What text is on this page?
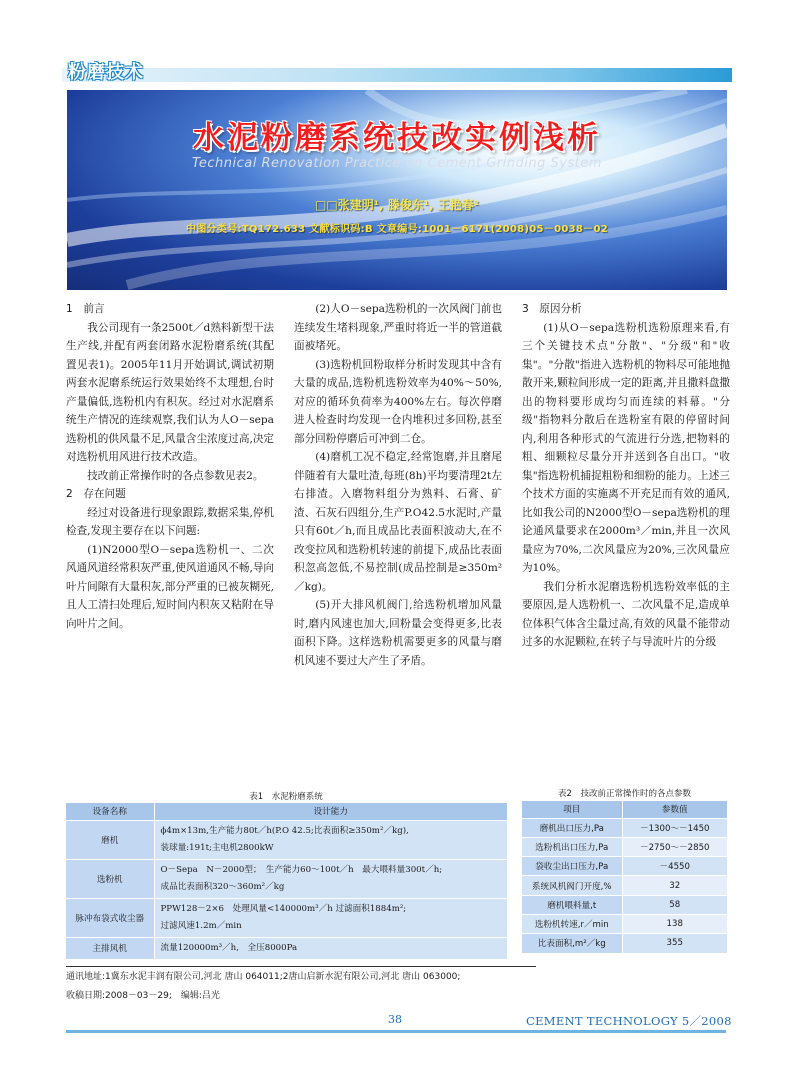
粉磨技术
水泥粉磨系统技改实例浅析
Technical Renovation Practice on Cement Grinding System
□□张建明¹, 滕俊东¹, 王艳春²
中图分类号:TQ172.633 文献标识码:B 文章编号:1001－6171(2008)05－0038－02
1　前言
我公司现有一条2500t／d熟料新型干法生产线,并配有两套闭路水泥粉磨系统(其配置见表1)。2005年11月开始调试,调试初期两套水泥磨系统运行效果始终不太理想,台时产量偏低,选粉机内有积灰。经过对水泥磨系统生产情况的连续观察,我们认为人O－sepa选粉机的供风量不足,风量含尘浓度过高,决定对选粉机用风进行技术改造。
技改前正常操作时的各点参数见表2。
2　存在问题
经过对设备进行现象跟踪,数据采集,停机检查,发现主要存在以下问题:
(1)N2000型O－sepa选粉机一、二次风通风道经常积灰严重,使风道通风不畅,导向叶片间隙有大量积灰,部分严重的已被灰糊死,且人工清扫处理后,短时间内积灰又粘附在导向叶片之间。
(2)人O－sepa选粉机的一次风阀门前也连续发生堵料现象,严重时将近一半的管道截面被堵死。
(3)选粉机回粉取样分析时发现其中含有大量的成品,选粉机选粉效率为40%～50%,对应的循环负荷率为400%左右。每次停磨进人检查时均发现一仓内堆积过多回粉,甚至部分回粉停磨后可冲到二仓。
(4)磨机工况不稳定,经常饱磨,并且磨尾伴随着有大量吐渣,每班(8h)平均要清理2t左右排渣。入磨物料组分为熟料、石膏、矿渣、石灰石四组分,生产P.O42.5水泥时,产量只有60t／h,而且成品比表面积波动大,在不改变拉风和选粉机转速的前提下,成品比表面积忽高忽低,不易控制(成品控制是≥350m²／kg)。
(5)开大排风机阀门,给选粉机增加风量时,磨内风速也加大,回粉量会变得更多,比表面积下降。这样选粉机需要更多的风量与磨机风速不要过大产生了矛盾。
3　原因分析
(1)从O－sepa选粉机选粉原理来看,有三个关键技术点"分散"、"分级"和"收集"。"分散"指进入选粉机的物料尽可能地抛散开来,颗粒间形成一定的距离,并且撒料盘撒出的物料要形成均匀而连续的料幕。"分级"指物料分散后在选粉室有限的停留时间内,利用各种形式的气流进行分选,把物料的粗、细颗粒尽量分开并送到各自出口。"收集"指选粉机捕捉粗粉和细粉的能力。上述三个技术方面的实施离不开充足而有效的通风,比如我公司的N2000型O－sepa选粉机的理论通风量要求在2000m³／min,并且一次风量应为70%,二次风量应为20%,三次风量应为10%。
我们分析水泥磨选粉机选粉效率低的主要原因,是人选粉机一、二次风量不足,造成单位体积气体含尘量过高,有效的风量不能带动过多的水泥颗粒,在转子与导流叶片的分级
表1　水泥粉磨系统
设备名称	设计能力
磨机	ϕ4m×13m,生产能力80t／h(P.O 42.5;比表面积≥350m²／kg),
装球量:191t;主电机2800kW

选粉机	O－Sepa　N－2000型；　生产能力60～100t／h　最大喂料量300t／h;
成品比表面积320～360m²／kg

脉冲布袋式收尘器	PPW128－2×6　处理风量<140000m³／h 过滤面积1884m²;
过滤风速1.2m／min

主排风机	流量120000m³／h,　全压8000Pa
表2　技改前正常操作时的各点参数
项目	参数值
磨机出口压力,Pa	－1300～－1450
选粉机出口压力,Pa	－2750～－2850
袋收尘出口压力,Pa	－4550
系统风机阀门开度,%	32
磨机喂料量,t	58
选粉机转速,r／min	138
比表面积,m²／kg	355
通讯地址:1冀东水泥丰润有限公司,河北 唐山 064011;2唐山启新水泥有限公司,河北 唐山 063000;
收稿日期:2008－03－29;　编辑:吕光
38	CEMENT TECHNOLOGY 5／2008
